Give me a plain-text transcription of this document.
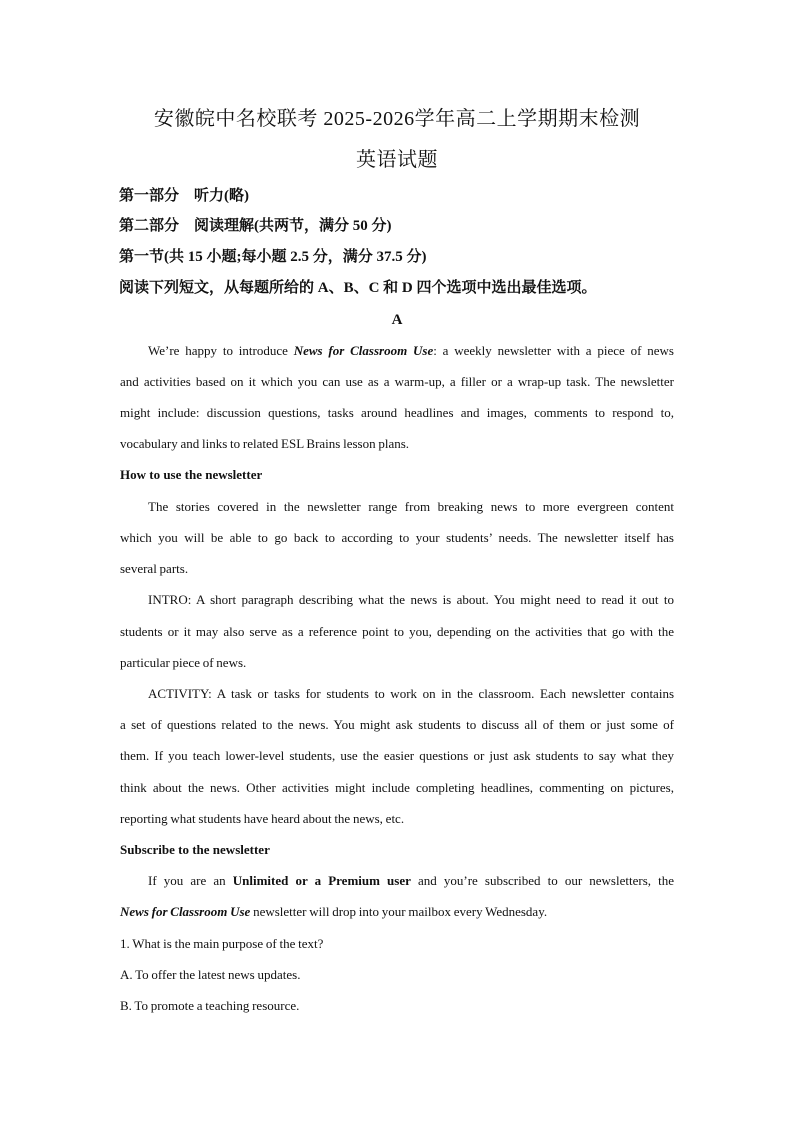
安徽皖中名校联考 2025-2026学年高二上学期期末检测
英语试题
第一部分　听力(略)
第二部分　阅读理解(共两节，满分 50 分)
第一节(共 15 小题;每小题 2.5 分，满分 37.5 分)
阅读下列短文，从每题所给的 A、B、C 和 D 四个选项中选出最佳选项。
A
We’re happy to introduce News for Classroom Use: a weekly newsletter with a piece of news
and activities based on it which you can use as a warm-up, a filler or a wrap-up task. The newsletter
might include: discussion questions, tasks around headlines and images, comments to respond to,
vocabulary and links to related ESL Brains lesson plans.
How to use the newsletter
The stories covered in the newsletter range from breaking news to more evergreen content
which you will be able to go back to according to your students’ needs. The newsletter itself has
several parts.
INTRO: A short paragraph describing what the news is about. You might need to read it out to
students or it may also serve as a reference point to you, depending on the activities that go with the
particular piece of news.
ACTIVITY: A task or tasks for students to work on in the classroom. Each newsletter contains
a set of questions related to the news. You might ask students to discuss all of them or just some of
them. If you teach lower-level students, use the easier questions or just ask students to say what they
think about the news. Other activities might include completing headlines, commenting on pictures,
reporting what students have heard about the news, etc.
Subscribe to the newsletter
If you are an Unlimited or a Premium user and you’re subscribed to our newsletters, the
News for Classroom Use newsletter will drop into your mailbox every Wednesday.
1. What is the main purpose of the text?
A. To offer the latest news updates.
B. To promote a teaching resource.
